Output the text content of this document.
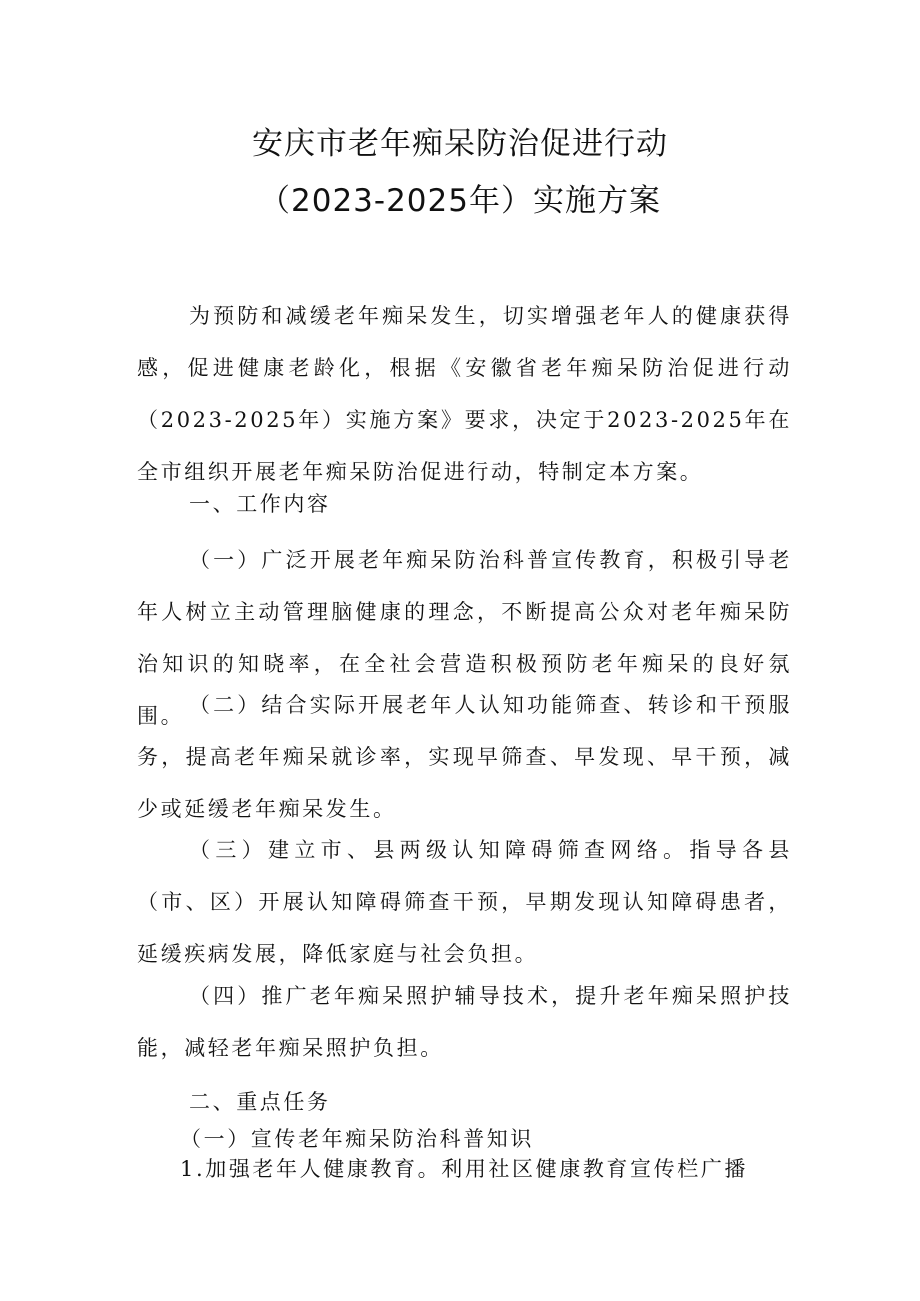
安庆市老年痴呆防治促进行动
（2023-2025年）实施方案

为预防和减缓老年痴呆发生，切实增强老年人的健康获得感，促进健康老龄化，根据《安徽省老年痴呆防治促进行动（2023-2025年）实施方案》要求，决定于2023-2025年在全市组织开展老年痴呆防治促进行动，特制定本方案。

一、工作内容

（一）广泛开展老年痴呆防治科普宣传教育，积极引导老年人树立主动管理脑健康的理念，不断提高公众对老年痴呆防治知识的知晓率，在全社会营造积极预防老年痴呆的良好氛围。 （二）结合实际开展老年人认知功能筛查、转诊和干预服务，提高老年痴呆就诊率，实现早筛查、早发现、早干预，减少或延缓老年痴呆发生。

（三）建立市、县两级认知障碍筛查网络。指导各县（市、区）开展认知障碍筛查干预，早期发现认知障碍患者，延缓疾病发展，降低家庭与社会负担。

（四）推广老年痴呆照护辅导技术，提升老年痴呆照护技能，减轻老年痴呆照护负担。

二、重点任务

（一）宣传老年痴呆防治科普知识

1.加强老年人健康教育。利用社区健康教育宣传栏广播
